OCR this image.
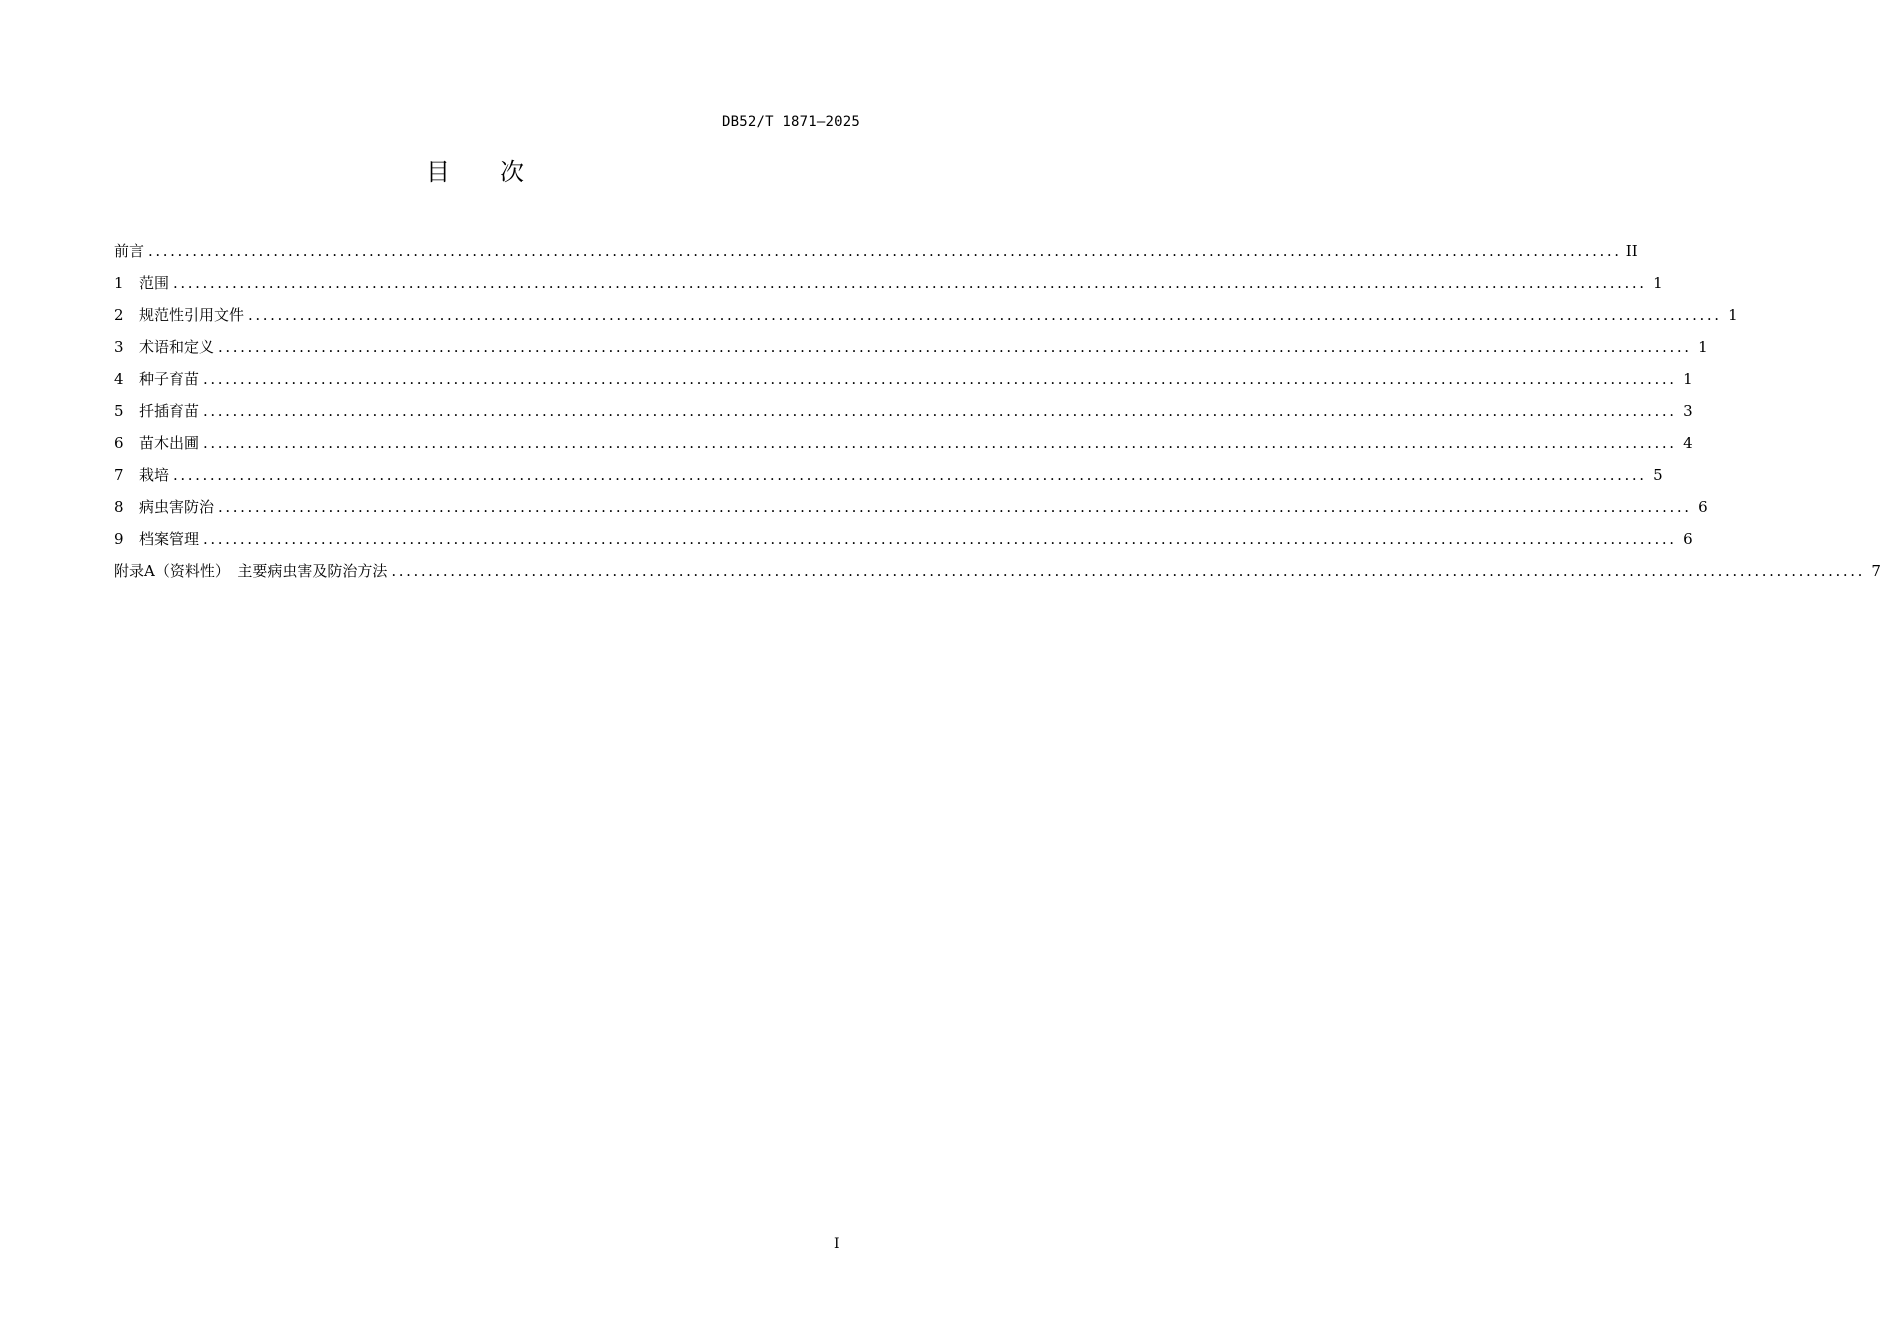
DB52/T 1871—2025
目次
前言 ........................................................................................................................................................................................................ II
1	范围 ........................................................................................................................................................................................................ 1
2	规范性引用文件 ........................................................................................................................................................................................................ 1
3	术语和定义 ........................................................................................................................................................................................................ 1
4	种子育苗 ........................................................................................................................................................................................................ 1
5	扦插育苗 ........................................................................................................................................................................................................ 3
6	苗木出圃 ........................................................................................................................................................................................................ 4
7	栽培 ........................................................................................................................................................................................................ 5
8	病虫害防治 ........................................................................................................................................................................................................ 6
9	档案管理 ........................................................................................................................................................................................................ 6
附录A（资料性）　主要病虫害及防治方法 ........................................................................................................................................................................................................ 7
I
